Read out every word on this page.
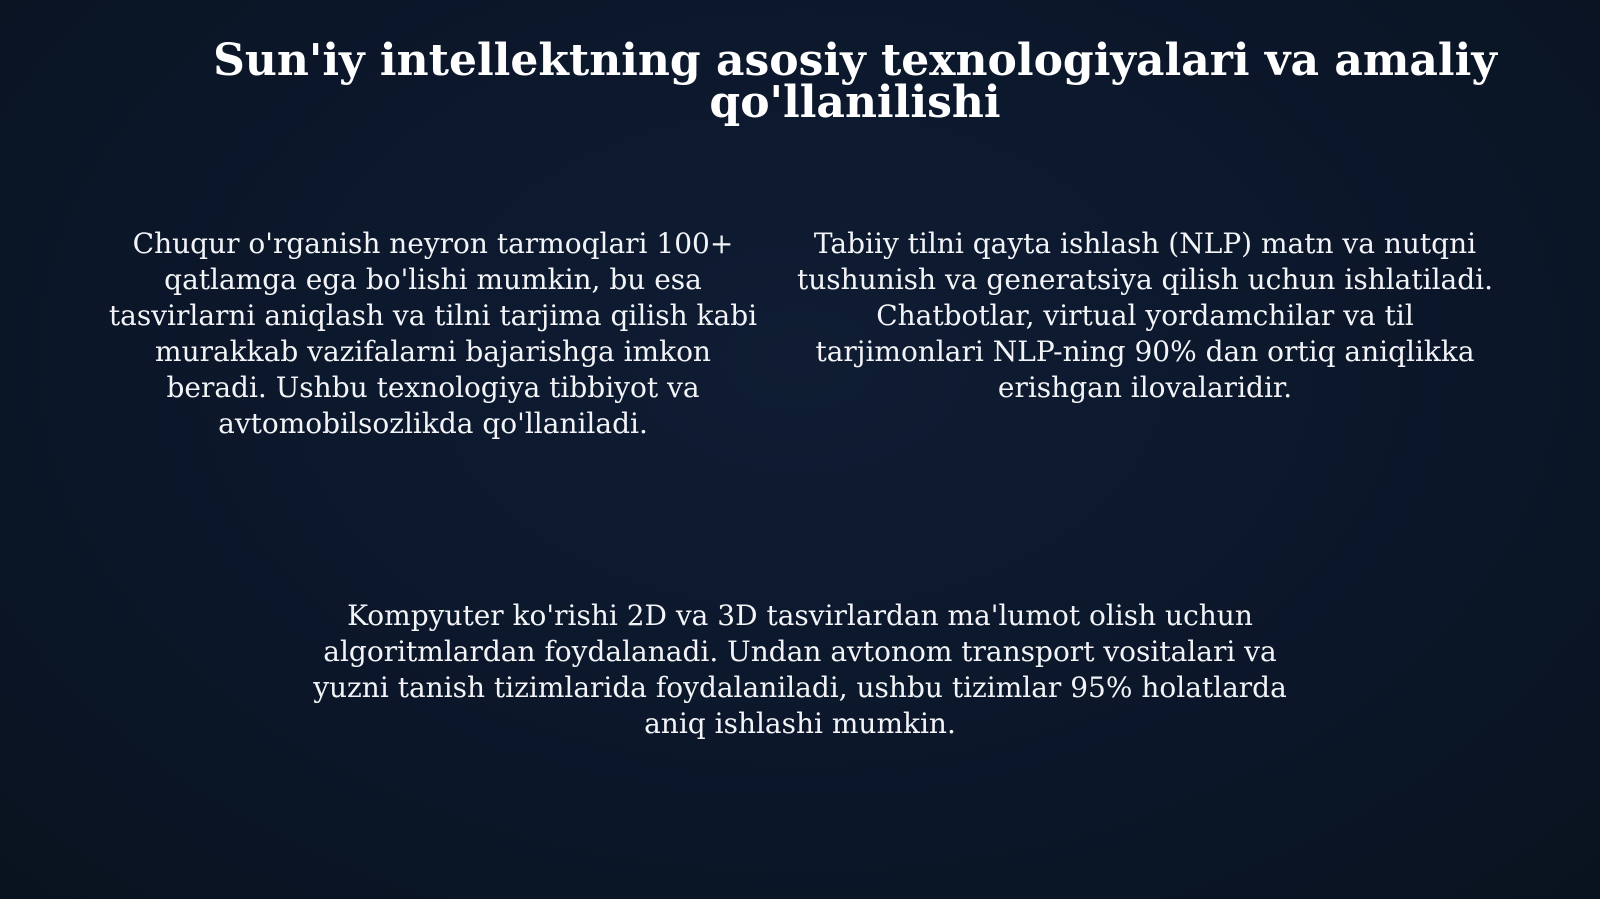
Sun'iy intellektning asosiy texnologiyalari va amaliy qo'llanilishi

Chuqur o'rganish neyron tarmoqlari 100+ qatlamga ega bo'lishi mumkin, bu esa tasvirlarni aniqlash va tilni tarjima qilish kabi murakkab vazifalarni bajarishga imkon beradi. Ushbu texnologiya tibbiyot va avtomobilsozlikda qo'llaniladi.

Tabiiy tilni qayta ishlash (NLP) matn va nutqni tushunish va generatsiya qilish uchun ishlatiladi. Chatbotlar, virtual yordamchilar va til tarjimonlari NLP-ning 90% dan ortiq aniqlikka erishgan ilovalaridir.

Kompyuter ko'rishi 2D va 3D tasvirlardan ma'lumot olish uchun algoritmlardan foydalanadi. Undan avtonom transport vositalari va yuzni tanish tizimlarida foydalaniladi, ushbu tizimlar 95% holatlarda aniq ishlashi mumkin.
